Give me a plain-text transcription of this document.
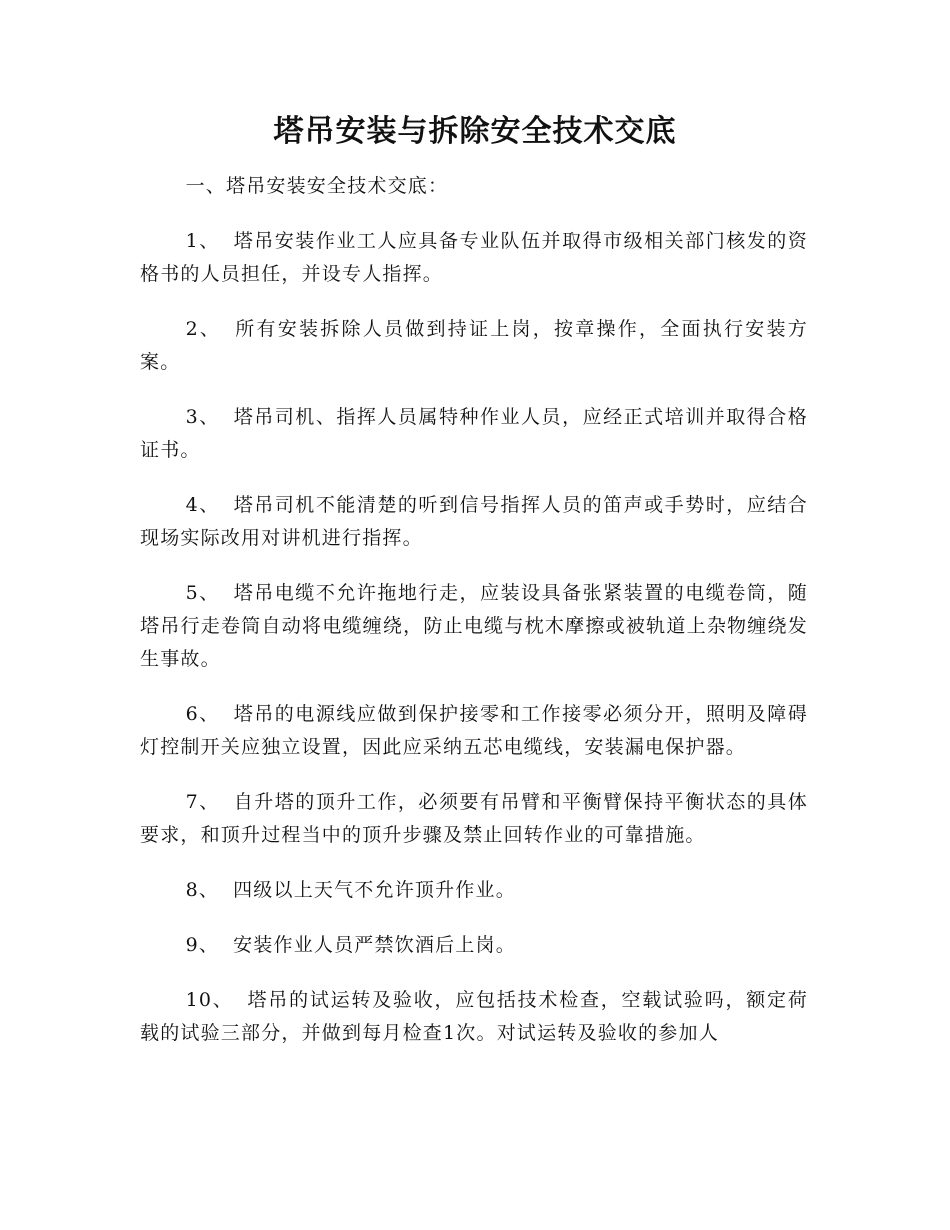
塔吊安装与拆除安全技术交底

一、塔吊安装安全技术交底：

1、 塔吊安装作业工人应具备专业队伍并取得市级相关部门核发的资格书的人员担任，并设专人指挥。

2、 所有安装拆除人员做到持证上岗，按章操作，全面执行安装方案。

3、 塔吊司机、指挥人员属特种作业人员，应经正式培训并取得合格证书。

4、 塔吊司机不能清楚的听到信号指挥人员的笛声或手势时，应结合现场实际改用对讲机进行指挥。

5、 塔吊电缆不允许拖地行走，应装设具备张紧装置的电缆卷筒，随塔吊行走卷筒自动将电缆缠绕，防止电缆与枕木摩擦或被轨道上杂物缠绕发生事故。

6、 塔吊的电源线应做到保护接零和工作接零必须分开，照明及障碍灯控制开关应独立设置，因此应采纳五芯电缆线，安装漏电保护器。

7、 自升塔的顶升工作，必须要有吊臂和平衡臂保持平衡状态的具体要求，和顶升过程当中的顶升步骤及禁止回转作业的可靠措施。

8、 四级以上天气不允许顶升作业。

9、 安装作业人员严禁饮酒后上岗。

10、 塔吊的试运转及验收，应包括技术检查，空载试验吗，额定荷载的试验三部分，并做到每月检查1次。对试运转及验收的参加人
